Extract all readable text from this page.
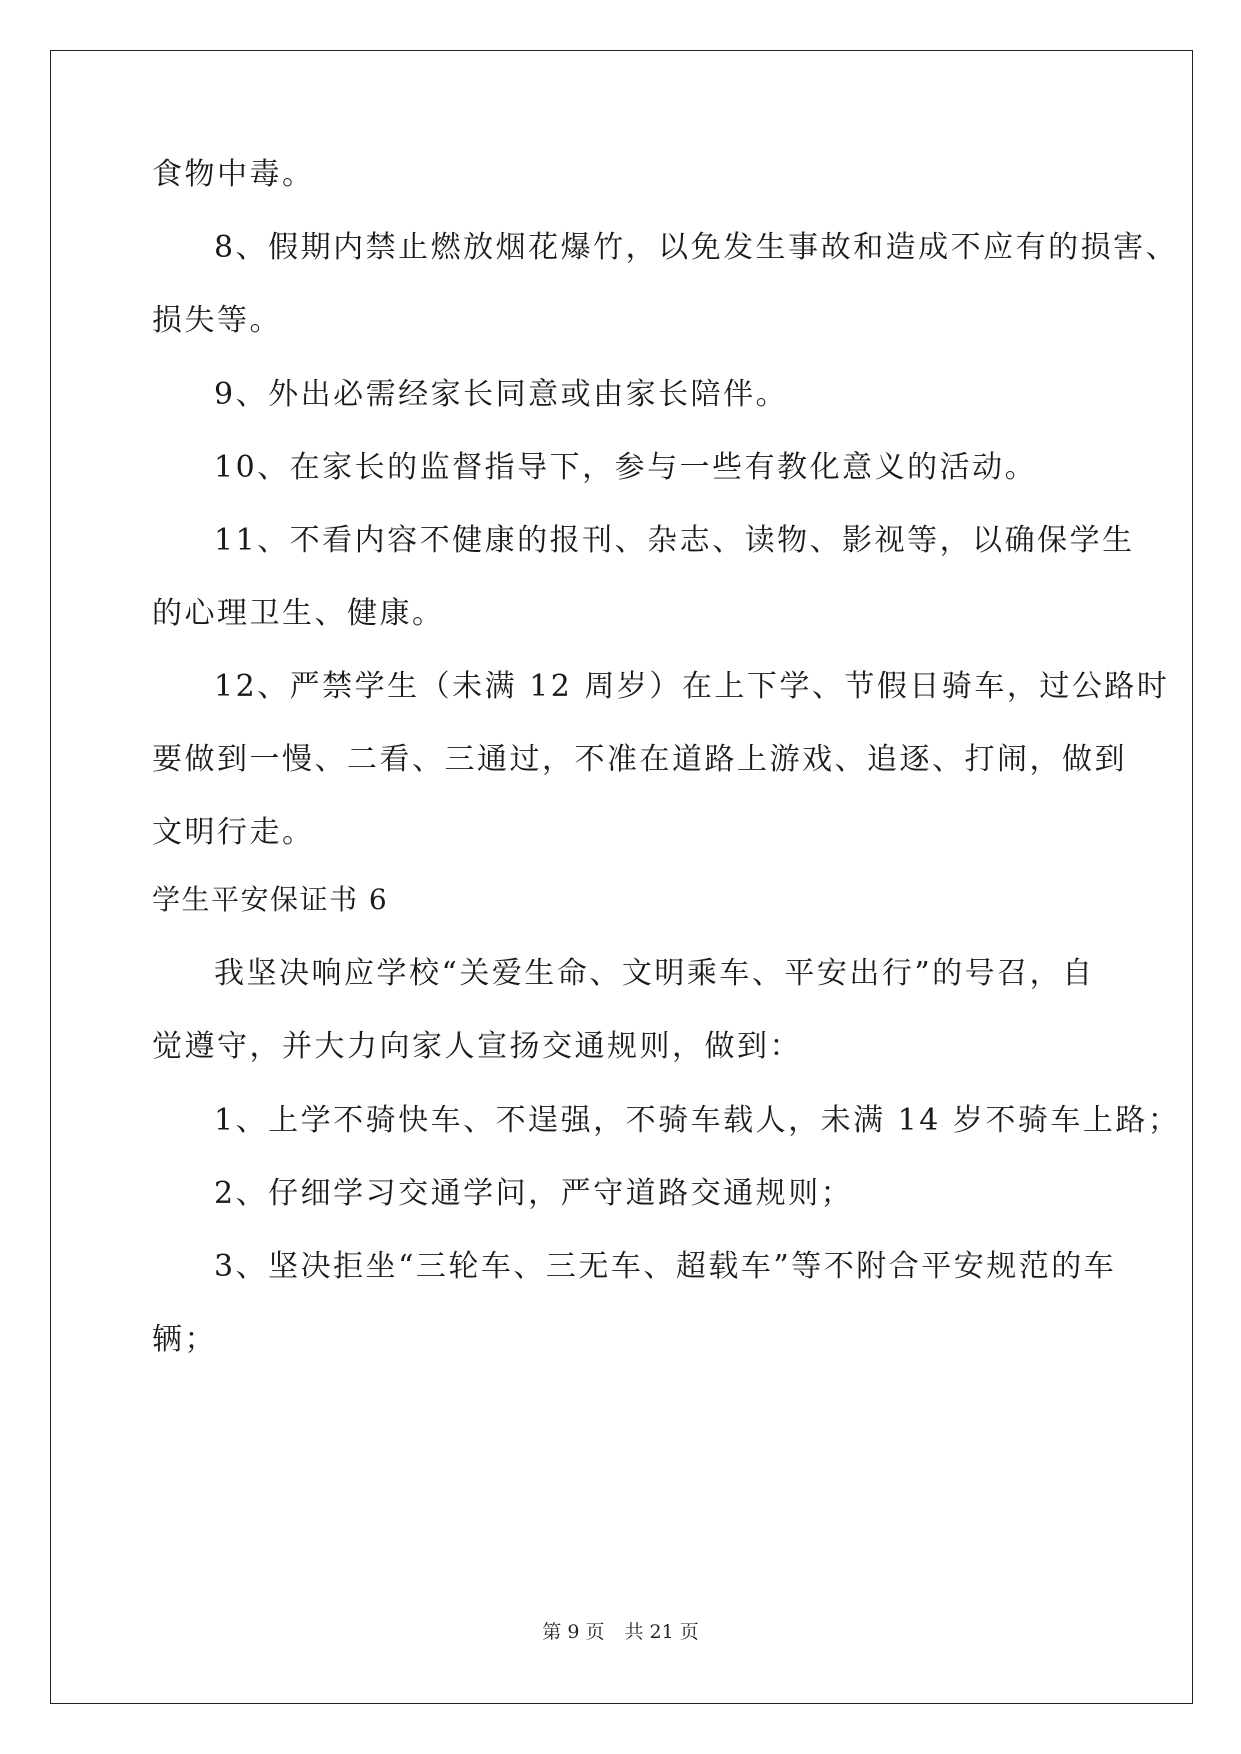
食物中毒。
8、假期内禁止燃放烟花爆竹，以免发生事故和造成不应有的损害、
损失等。
9、外出必需经家长同意或由家长陪伴。
10、在家长的监督指导下，参与一些有教化意义的活动。
11、不看内容不健康的报刊、杂志、读物、影视等，以确保学生
的心理卫生、健康。
12、严禁学生（未满 12 周岁）在上下学、节假日骑车，过公路时
要做到一慢、二看、三通过，不准在道路上游戏、追逐、打闹，做到
文明行走。
学生平安保证书 6
我坚决响应学校“关爱生命、文明乘车、平安出行”的号召，自
觉遵守，并大力向家人宣扬交通规则，做到：
1、上学不骑快车、不逞强，不骑车载人，未满 14 岁不骑车上路；
2、仔细学习交通学问，严守道路交通规则；
3、坚决拒坐“三轮车、三无车、超载车”等不附合平安规范的车
辆；
第 9 页 共 21 页
